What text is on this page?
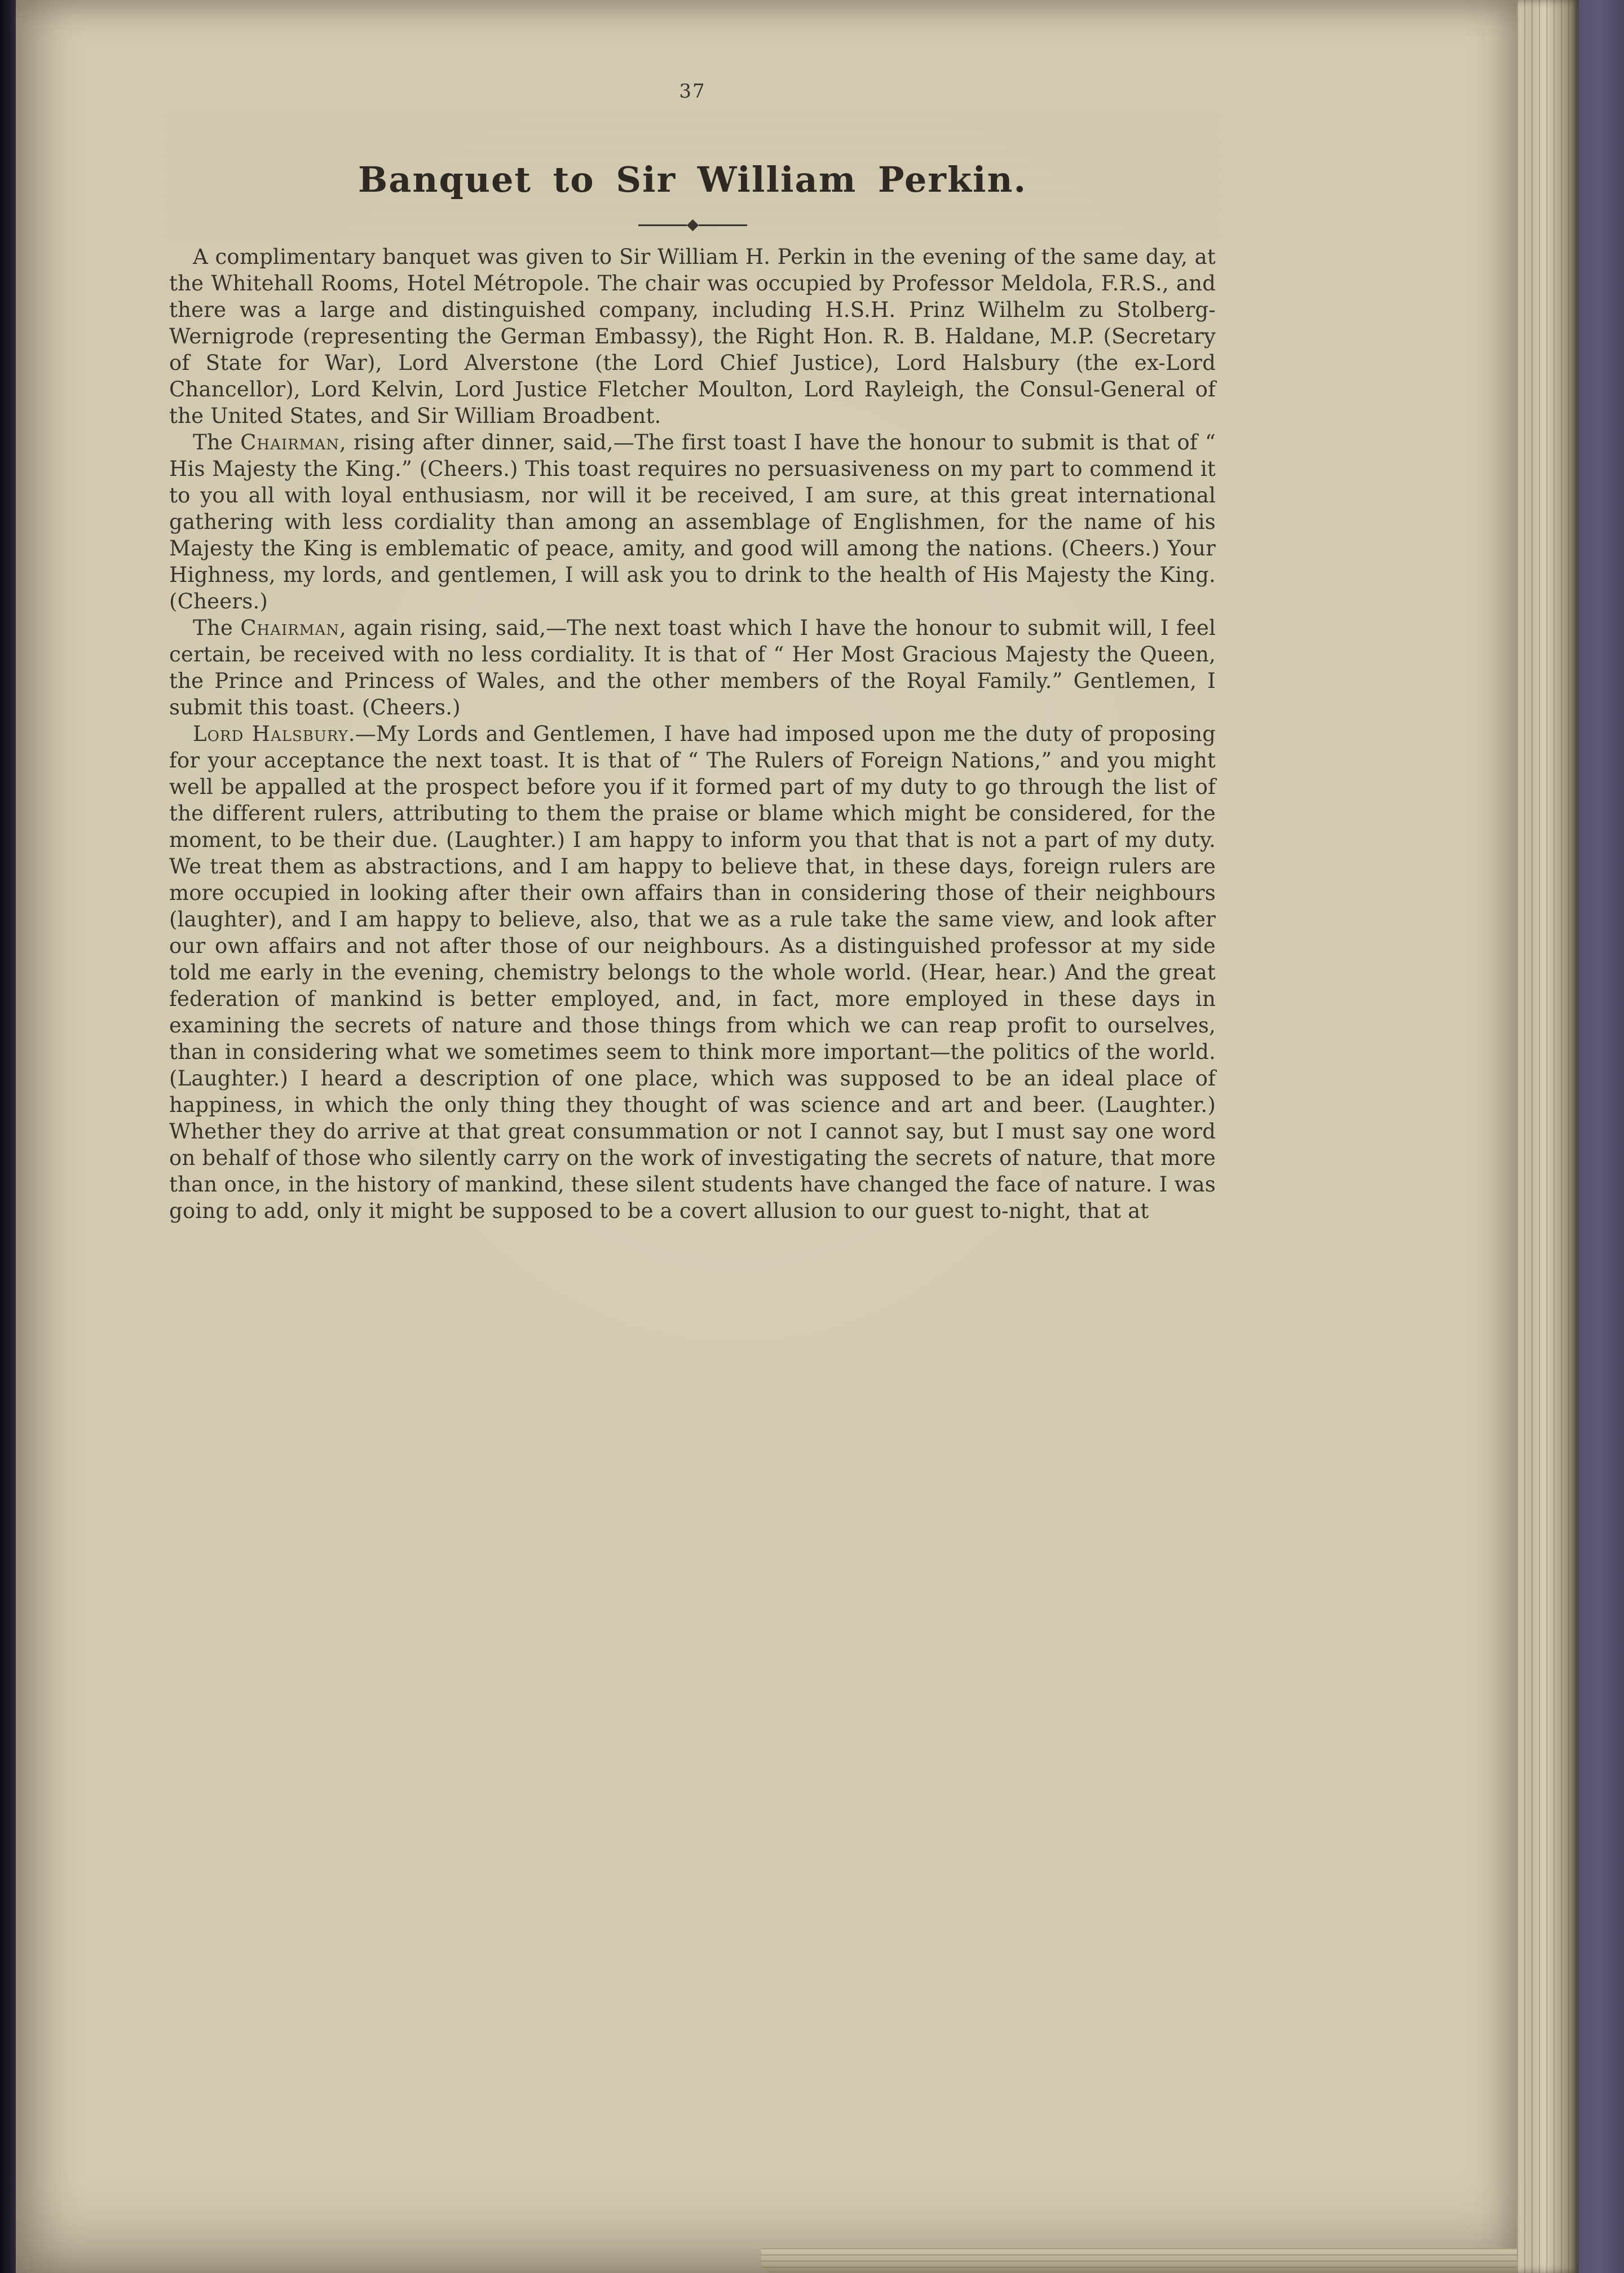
37
Banquet to Sir William Perkin.

A complimentary banquet was given to Sir William H. Perkin in the evening of the same day, at the Whitehall Rooms, Hotel Métropole. The chair was occupied by Professor Meldola, F.R.S., and there was a large and distinguished company, including H.S.H. Prinz Wilhelm zu Stolberg-Wernigrode (representing the German Embassy), the Right Hon. R. B. Haldane, M.P. (Secretary of State for War), Lord Alverstone (the Lord Chief Justice), Lord Halsbury (the ex-Lord Chancellor), Lord Kelvin, Lord Justice Fletcher Moulton, Lord Rayleigh, the Consul-General of the United States, and Sir William Broadbent.

The Chairman, rising after dinner, said,—The first toast I have the honour to submit is that of “ His Majesty the King.” (Cheers.) This toast requires no persuasiveness on my part to commend it to you all with loyal enthusiasm, nor will it be received, I am sure, at this great international gathering with less cordiality than among an assemblage of Englishmen, for the name of his Majesty the King is emblematic of peace, amity, and good will among the nations. (Cheers.) Your Highness, my lords, and gentlemen, I will ask you to drink to the health of His Majesty the King. (Cheers.)

The Chairman, again rising, said,—The next toast which I have the honour to submit will, I feel certain, be received with no less cordiality. It is that of “ Her Most Gracious Majesty the Queen, the Prince and Princess of Wales, and the other members of the Royal Family.” Gentlemen, I submit this toast. (Cheers.)

Lord Halsbury.—My Lords and Gentlemen, I have had imposed upon me the duty of proposing for your acceptance the next toast. It is that of “ The Rulers of Foreign Nations,” and you might well be appalled at the prospect before you if it formed part of my duty to go through the list of the different rulers, attributing to them the praise or blame which might be considered, for the moment, to be their due. (Laughter.) I am happy to inform you that that is not a part of my duty. We treat them as abstractions, and I am happy to believe that, in these days, foreign rulers are more occupied in looking after their own affairs than in considering those of their neighbours (laughter), and I am happy to believe, also, that we as a rule take the same view, and look after our own affairs and not after those of our neighbours. As a distinguished professor at my side told me early in the evening, chemistry belongs to the whole world. (Hear, hear.) And the great federation of mankind is better employed, and, in fact, more employed in these days in examining the secrets of nature and those things from which we can reap profit to ourselves, than in considering what we sometimes seem to think more important—the politics of the world. (Laughter.) I heard a description of one place, which was supposed to be an ideal place of happiness, in which the only thing they thought of was science and art and beer. (Laughter.) Whether they do arrive at that great consummation or not I cannot say, but I must say one word on behalf of those who silently carry on the work of investigating the secrets of nature, that more than once, in the history of mankind, these silent students have changed the face of nature. I was going to add, only it might be supposed to be a covert allusion to our guest to-night, that at
